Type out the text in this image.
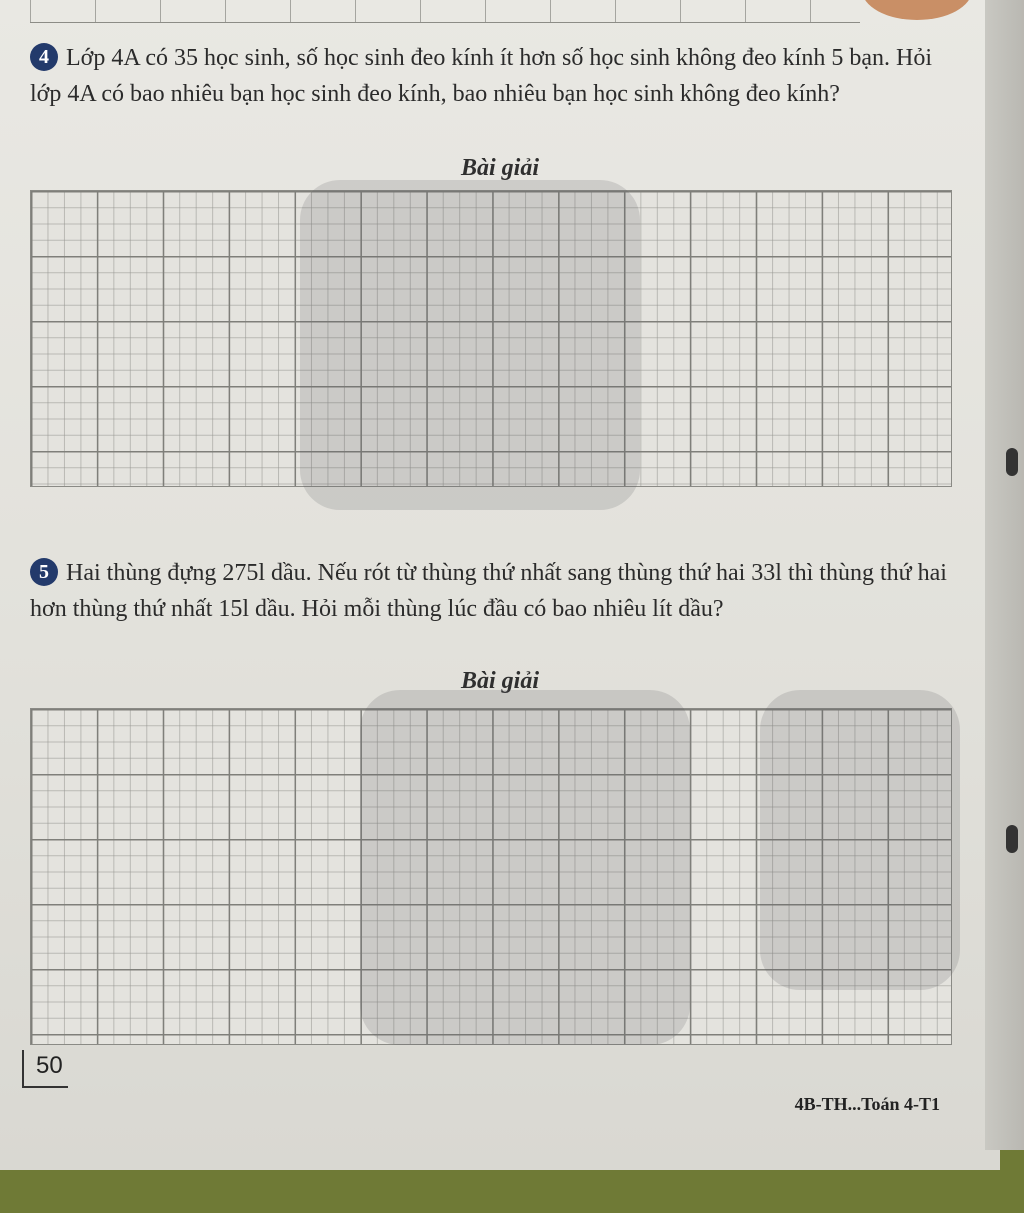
4 Lớp 4A có 35 học sinh, số học sinh đeo kính ít hơn số học sinh không đeo kính 5 bạn. Hỏi lớp 4A có bao nhiêu bạn học sinh đeo kính, bao nhiêu bạn học sinh không đeo kính?
Bài giải
5 Hai thùng đựng 275l dầu. Nếu rót từ thùng thứ nhất sang thùng thứ hai 33l thì thùng thứ hai hơn thùng thứ nhất 15l dầu. Hỏi mỗi thùng lúc đầu có bao nhiêu lít dầu?
Bài giải
50
4B-TH...Toán 4-T1
